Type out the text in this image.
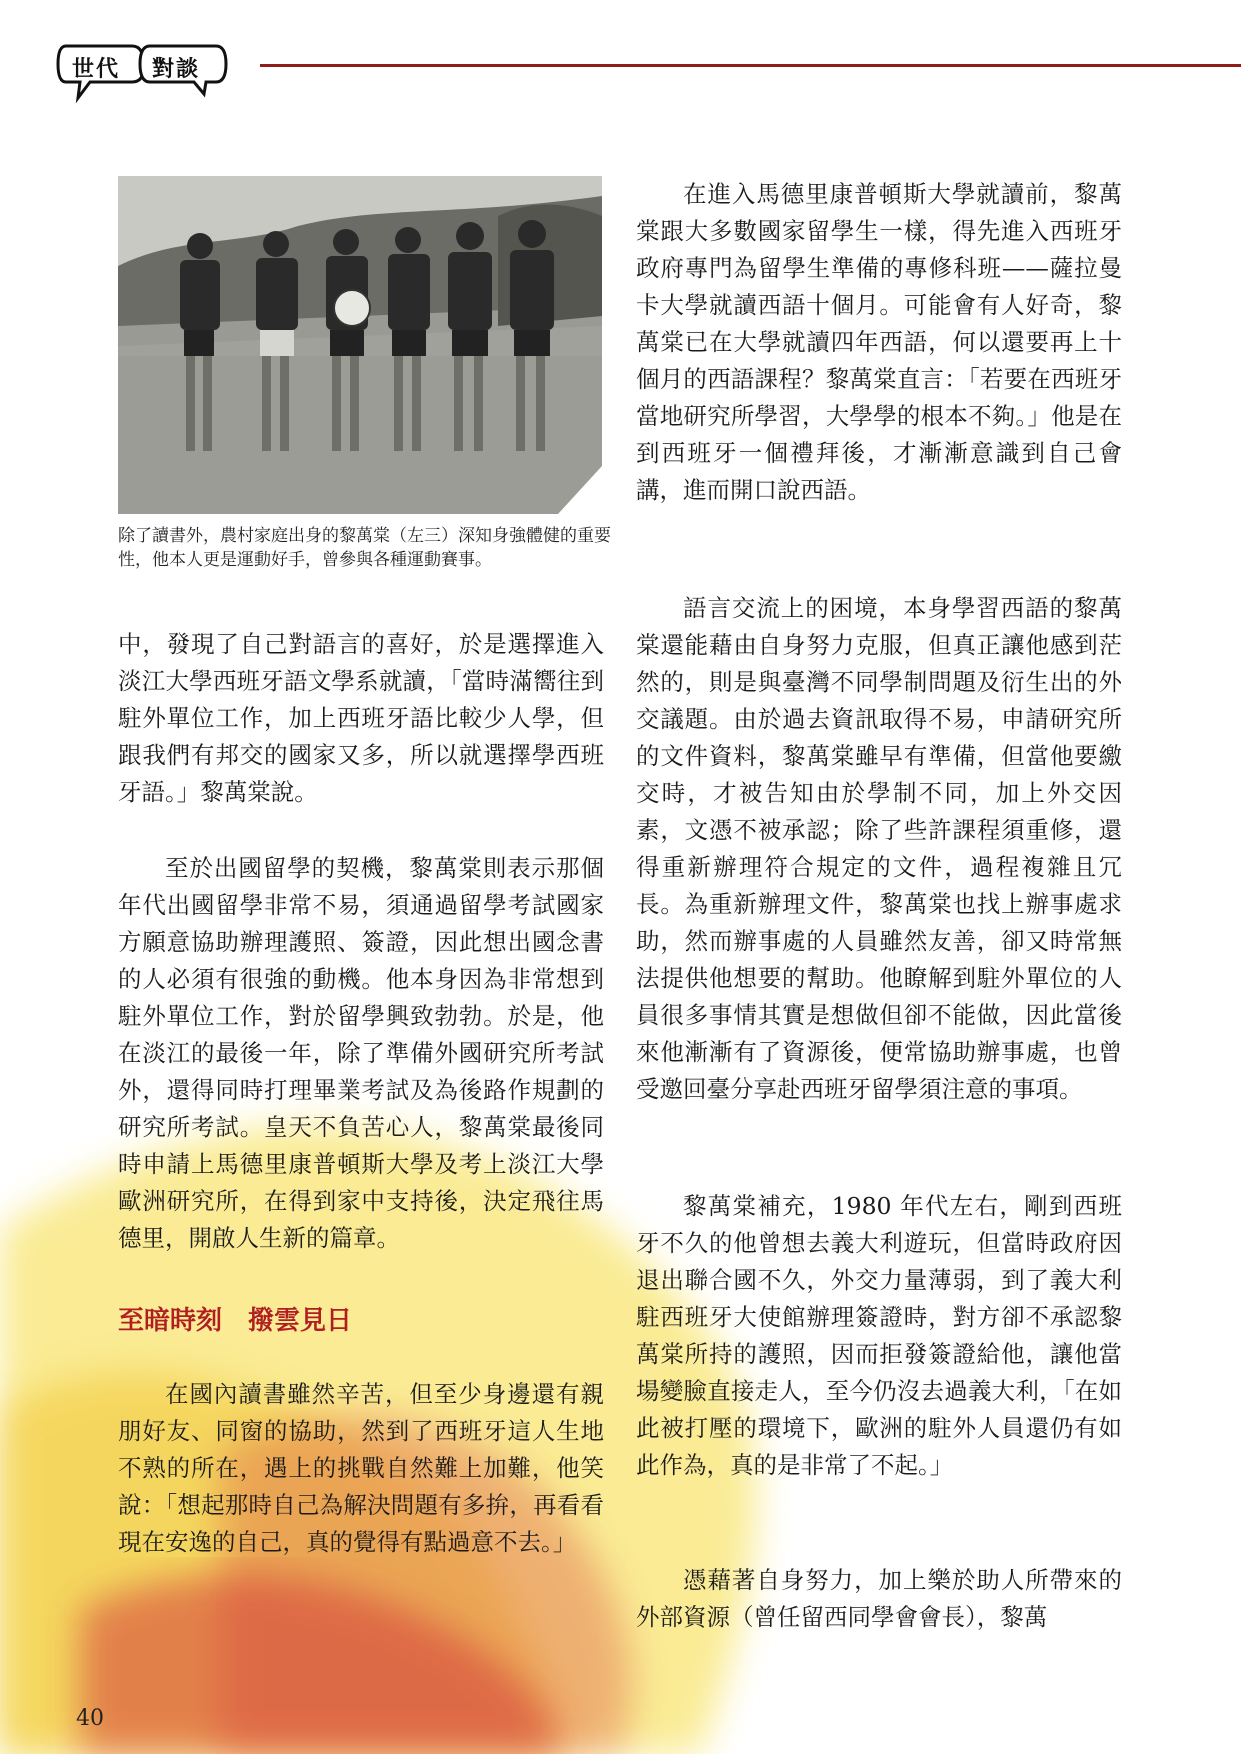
世代 對談

除了讀書外，農村家庭出身的黎萬棠（左三）深知身強體健的重要性，他本人更是運動好手，曾參與各種運動賽事。

中，發現了自己對語言的喜好，於是選擇進入淡江大學西班牙語文學系就讀，「當時滿嚮往到駐外單位工作，加上西班牙語比較少人學，但跟我們有邦交的國家又多，所以就選擇學西班牙語。」黎萬棠說。

至於出國留學的契機，黎萬棠則表示那個年代出國留學非常不易，須通過留學考試國家方願意協助辦理護照、簽證，因此想出國念書的人必須有很強的動機。他本身因為非常想到駐外單位工作，對於留學興致勃勃。於是，他在淡江的最後一年，除了準備外國研究所考試外，還得同時打理畢業考試及為後路作規劃的研究所考試。皇天不負苦心人，黎萬棠最後同時申請上馬德里康普頓斯大學及考上淡江大學歐洲研究所，在得到家中支持後，決定飛往馬德里，開啟人生新的篇章。

至暗時刻　撥雲見日

在國內讀書雖然辛苦，但至少身邊還有親朋好友、同窗的協助，然到了西班牙這人生地不熟的所在，遇上的挑戰自然難上加難，他笑說：「想起那時自己為解決問題有多拚，再看看現在安逸的自己，真的覺得有點過意不去。」

在進入馬德里康普頓斯大學就讀前，黎萬棠跟大多數國家留學生一樣，得先進入西班牙政府專門為留學生準備的專修科班——薩拉曼卡大學就讀西語十個月。可能會有人好奇，黎萬棠已在大學就讀四年西語，何以還要再上十個月的西語課程？黎萬棠直言：「若要在西班牙當地研究所學習，大學學的根本不夠。」他是在到西班牙一個禮拜後，才漸漸意識到自己會講，進而開口說西語。

語言交流上的困境，本身學習西語的黎萬棠還能藉由自身努力克服，但真正讓他感到茫然的，則是與臺灣不同學制問題及衍生出的外交議題。由於過去資訊取得不易，申請研究所的文件資料，黎萬棠雖早有準備，但當他要繳交時，才被告知由於學制不同，加上外交因素，文憑不被承認；除了些許課程須重修，還得重新辦理符合規定的文件，過程複雜且冗長。為重新辦理文件，黎萬棠也找上辦事處求助，然而辦事處的人員雖然友善，卻又時常無法提供他想要的幫助。他瞭解到駐外單位的人員很多事情其實是想做但卻不能做，因此當後來他漸漸有了資源後，便常協助辦事處，也曾受邀回臺分享赴西班牙留學須注意的事項。

黎萬棠補充，1980 年代左右，剛到西班牙不久的他曾想去義大利遊玩，但當時政府因退出聯合國不久，外交力量薄弱，到了義大利駐西班牙大使館辦理簽證時，對方卻不承認黎萬棠所持的護照，因而拒發簽證給他，讓他當場變臉直接走人，至今仍沒去過義大利，「在如此被打壓的環境下，歐洲的駐外人員還仍有如此作為，真的是非常了不起。」

憑藉著自身努力，加上樂於助人所帶來的外部資源（曾任留西同學會會長），黎萬

40
